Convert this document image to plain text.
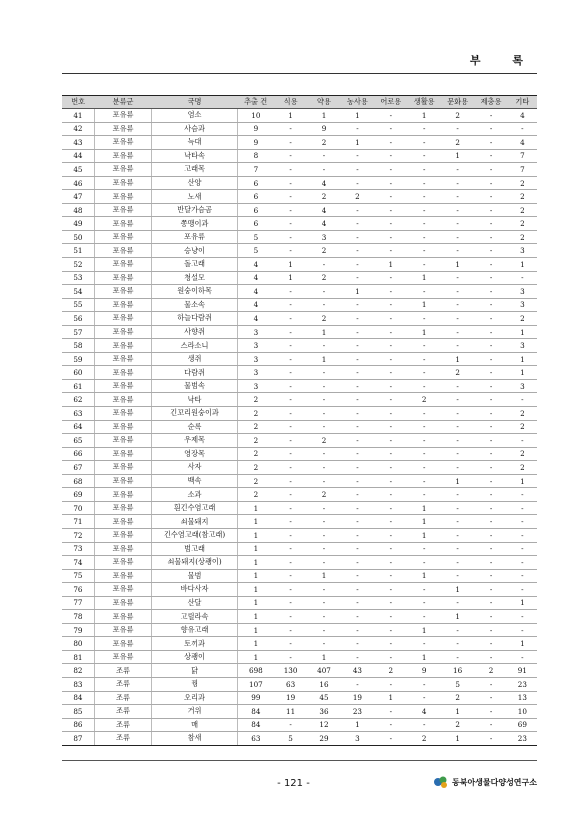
부 록
번호	분류군	국명	추출 건	식용	약용	농사용	어로용	생활용	문화용	제충용	기타
41	포유류	염소	10	1	1	1	-	1	2	-	4
42	포유류	사슴과	9	-	9	-	-	-	-	-	-
43	포유류	늑대	9	-	2	1	-	-	2	-	4
44	포유류	낙타속	8	-	-	-	-	-	1	-	7
45	포유류	고래목	7	-	-	-	-	-	-	-	7
46	포유류	산양	6	-	4	-	-	-	-	-	2
47	포유류	노새	6	-	2	2	-	-	-	-	2
48	포유류	반달가슴곰	6	-	4	-	-	-	-	-	2
49	포유류	쫑맹이과	6	-	4	-	-	-	-	-	2
50	포유류	포유류	5	-	3	-	-	-	-	-	2
51	포유류	승냥이	5	-	2	-	-	-	-	-	3
52	포유류	돌고래	4	1	-	-	1	-	1	-	1
53	포유류	청설모	4	1	2	-	-	1	-	-	-
54	포유류	원숭이하목	4	-	-	1	-	-	-	-	3
55	포유류	물소속	4	-	-	-	-	1	-	-	3
56	포유류	하늘다람쥐	4	-	2	-	-	-	-	-	2
57	포유류	사향쥐	3	-	1	-	-	1	-	-	1
58	포유류	스라소니	3	-	-	-	-	-	-	-	3
59	포유류	생쥐	3	-	1	-	-	-	1	-	1
60	포유류	다람쥐	3	-	-	-	-	-	2	-	1
61	포유류	물범속	3	-	-	-	-	-	-	-	3
62	포유류	낙타	2	-	-	-	-	2	-	-	-
63	포유류	긴꼬리원숭이과	2	-	-	-	-	-	-	-	2
64	포유류	순록	2	-	-	-	-	-	-	-	2
65	포유류	우제목	2	-	2	-	-	-	-	-	-
66	포유류	영장목	2	-	-	-	-	-	-	-	2
67	포유류	사자	2	-	-	-	-	-	-	-	2
68	포유류	백속	2	-	-	-	-	-	1	-	1
69	포유류	소과	2	-	2	-	-	-	-	-	-
70	포유류	흰긴수염고래	1	-	-	-	-	1	-	-	-
71	포유류	쇠물돼지	1	-	-	-	-	1	-	-	-
72	포유류	긴수염고래(참고래)	1	-	-	-	-	1	-	-	-
73	포유류	범고래	1	-	-	-	-	-	-	-	-
74	포유류	쇠물돼지(상괭이)	1	-	-	-	-	-	-	-	-
75	포유류	물범	1	-	1	-	-	1	-	-	-
76	포유류	바다사자	1	-	-	-	-	-	1	-	-
77	포유류	산달	1	-	-	-	-	-	-	-	1
78	포유류	고릴라속	1	-	-	-	-	-	1	-	-
79	포유류	향유고래	1	-	-	-	-	1	-	-	-
80	포유류	토끼과	1	-	-	-	-	-	-	-	1
81	포유류	상괭이	1	-	1	-	-	1	-	-	-
82	조류	닭	698	130	407	43	2	9	16	2	91
83	조류	꿩	107	63	16	-	-	-	5	-	23
84	조류	오리과	99	19	45	19	1	-	2	-	13
85	조류	거위	84	11	36	23	-	4	1	-	10
86	조류	매	84	-	12	1	-	-	2	-	69
87	조류	참새	63	5	29	3	-	2	1	-	23
- 121 -	동북아생물다양성연구소
